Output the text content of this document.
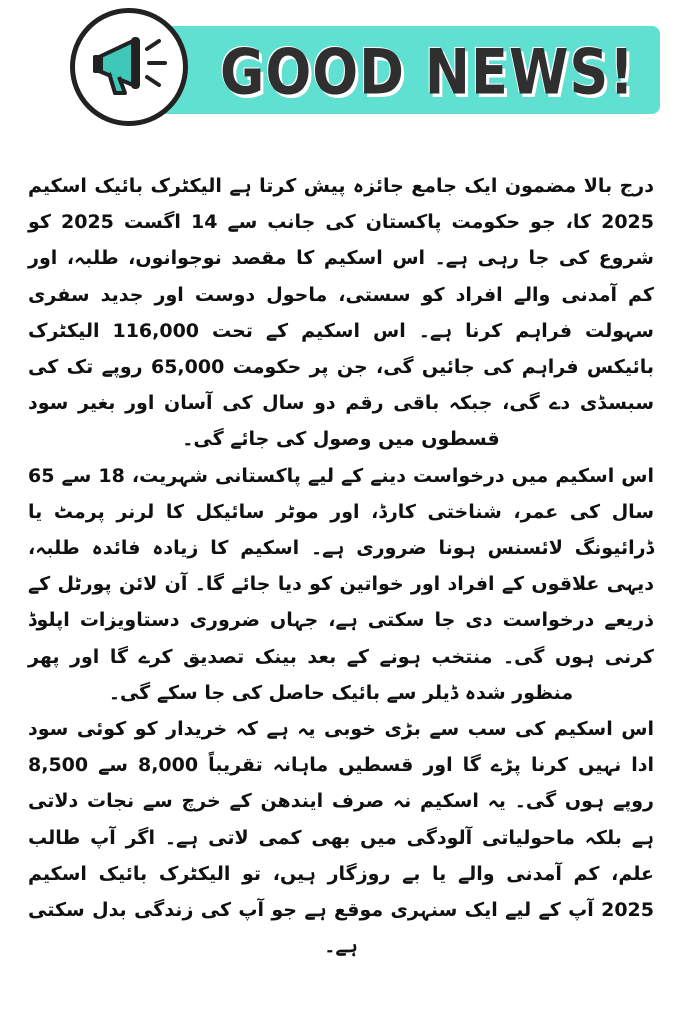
GOOD NEWS!

درج بالا مضمون ایک جامع جائزہ پیش کرتا ہے الیکٹرک بائیک اسکیم 2025 کا، جو حکومت پاکستان کی جانب سے 14 اگست 2025 کو شروع کی جا رہی ہے۔ اس اسکیم کا مقصد نوجوانوں، طلبہ، اور کم آمدنی والے افراد کو سستی، ماحول دوست اور جدید سفری سہولت فراہم کرنا ہے۔ اس اسکیم کے تحت 116,000 الیکٹرک بائیکس فراہم کی جائیں گی، جن پر حکومت 65,000 روپے تک کی سبسڈی دے گی، جبکہ باقی رقم دو سال کی آسان اور بغیر سود قسطوں میں وصول کی جائے گی۔

اس اسکیم میں درخواست دینے کے لیے پاکستانی شہریت، 18 سے 65 سال کی عمر، شناختی کارڈ، اور موٹر سائیکل کا لرنر پرمٹ یا ڈرائیونگ لائسنس ہونا ضروری ہے۔ اسکیم کا زیادہ فائدہ طلبہ، دیہی علاقوں کے افراد اور خواتین کو دیا جائے گا۔ آن لائن پورٹل کے ذریعے درخواست دی جا سکتی ہے، جہاں ضروری دستاویزات اپلوڈ کرنی ہوں گی۔ منتخب ہونے کے بعد بینک تصدیق کرے گا اور پھر منظور شدہ ڈیلر سے بائیک حاصل کی جا سکے گی۔

اس اسکیم کی سب سے بڑی خوبی یہ ہے کہ خریدار کو کوئی سود ادا نہیں کرنا پڑے گا اور قسطیں ماہانہ تقریباً 8,000 سے 8,500 روپے ہوں گی۔ یہ اسکیم نہ صرف ایندھن کے خرچ سے نجات دلاتی ہے بلکہ ماحولیاتی آلودگی میں بھی کمی لاتی ہے۔ اگر آپ طالب علم، کم آمدنی والے یا بے روزگار ہیں، تو الیکٹرک بائیک اسکیم 2025 آپ کے لیے ایک سنہری موقع ہے جو آپ کی زندگی بدل سکتی ہے۔
